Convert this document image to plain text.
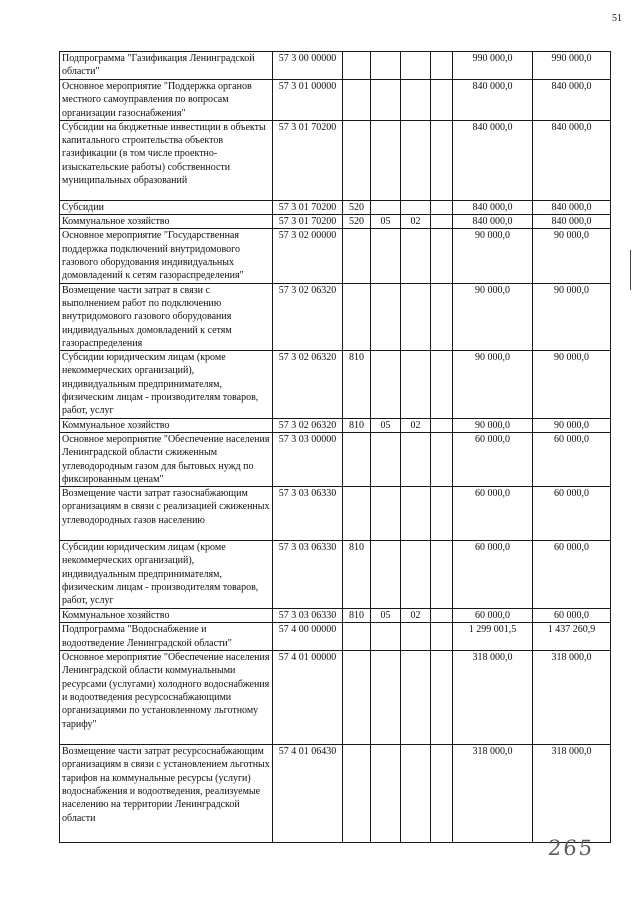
51
Подпрограмма "Газификация Ленинградской области"	57 3 00 00000					990 000,0	990 000,0
Основное мероприятие "Поддержка органов местного самоуправления по вопросам организации газоснабжения"	57 3 01 00000					840 000,0	840 000,0
Субсидии на бюджетные инвестиции в объекты капитального строительства объектов газификации (в том числе проектно-изыскательские работы) собственности муниципальных образований	57 3 01 70200					840 000,0	840 000,0
Субсидии	57 3 01 70200	520				840 000,0	840 000,0
Коммунальное хозяйство	57 3 01 70200	520	05	02		840 000,0	840 000,0
Основное мероприятие "Государственная поддержка подключений внутридомового газового оборудования индивидуальных домовладений к сетям газораспределения"	57 3 02 00000					90 000,0	90 000,0
Возмещение части затрат в связи с выполнением работ по подключению внутридомового газового оборудования индивидуальных домовладений к сетям газораспределения	57 3 02 06320					90 000,0	90 000,0
Субсидии юридическим лицам (кроме некоммерческих организаций), индивидуальным предпринимателям, физическим лицам - производителям товаров, работ, услуг	57 3 02 06320	810				90 000,0	90 000,0
Коммунальное хозяйство	57 3 02 06320	810	05	02		90 000,0	90 000,0
Основное мероприятие "Обеспечение населения Ленинградской области сжиженным углеводородным газом для бытовых нужд по фиксированным ценам"	57 3 03 00000					60 000,0	60 000,0
Возмещение части затрат газоснабжающим организациям в связи с реализацией сжиженных углеводородных газов населению	57 3 03 06330					60 000,0	60 000,0
Субсидии юридическим лицам (кроме некоммерческих организаций), индивидуальным предпринимателям, физическим лицам - производителям товаров, работ, услуг	57 3 03 06330	810				60 000,0	60 000,0
Коммунальное хозяйство	57 3 03 06330	810	05	02		60 000,0	60 000,0
Подпрограмма "Водоснабжение и водоотведение Ленинградской области"	57 4 00 00000					1 299 001,5	1 437 260,9
Основное мероприятие "Обеспечение населения Ленинградской области коммунальными ресурсами (услугами) холодного водоснабжения и водоотведения ресурсоснабжающими организациями по установленному льготному тарифу"	57 4 01 00000					318 000,0	318 000,0
Возмещение части затрат ресурсоснабжающим организациям в связи с установлением льготных тарифов на коммунальные ресурсы (услуги) водоснабжения и водоотведения, реализуемые населению на территории Ленинградской области	57 4 01 06430					318 000,0	318 000,0
265
